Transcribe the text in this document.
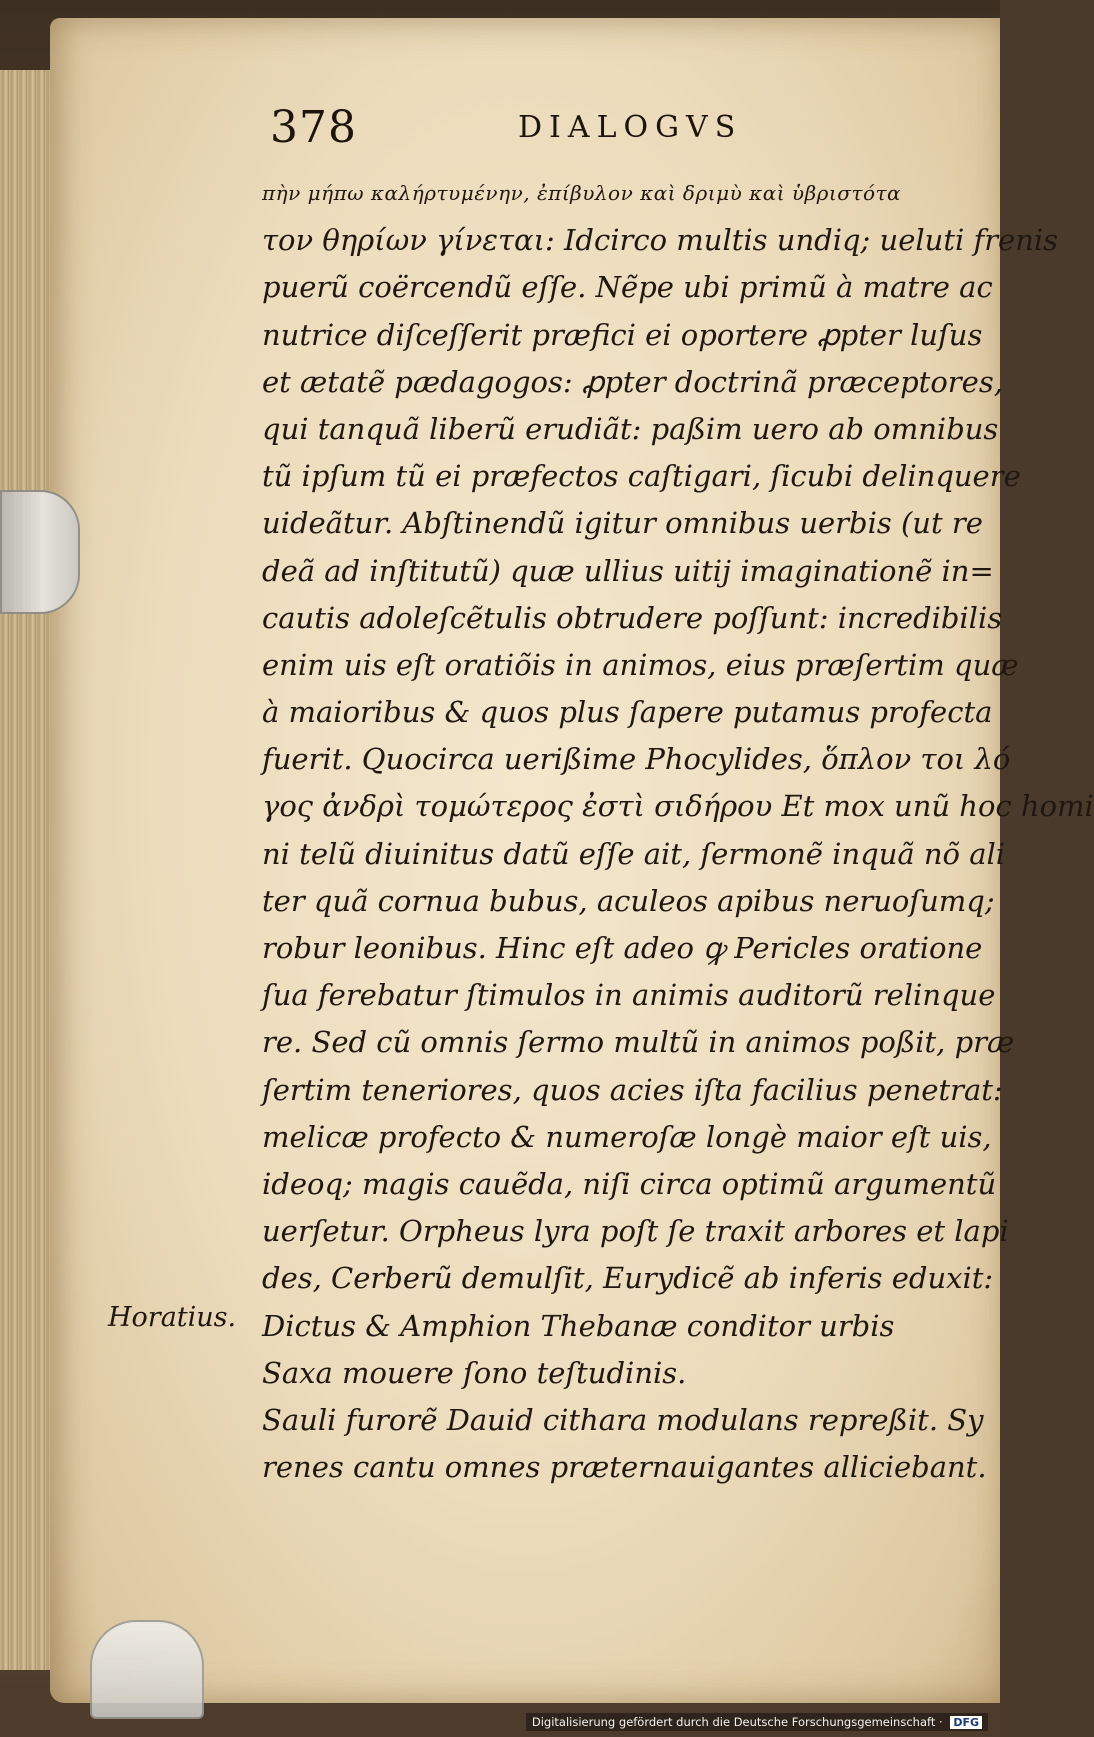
378	DIALOGVS
πὴν μήπω καλήρτυμένην, ἐπίβυλον καὶ δριμὺ καὶ ὑβριστότα
τον θηρίων γίνεται: Idcirco multis undiq; ueluti frenis
puerũ coërcendũ eſſe. Nẽpe ubi primũ à matre ac
nutrice diſceſſerit præfici ei oportere ꝓpter luſus
et ætatẽ pædagogos: ꝓpter doctrinã præceptores,
qui tanquã liberũ erudiãt: paßim uero ab omnibus
tũ ipſum tũ ei præfectos caſtigari, ſicubi delinquere
uideãtur. Abſtinendũ igitur omnibus uerbis (ut re
deã ad inſtitutũ) quæ ullius uitij imaginationẽ in=
cautis adoleſcẽtulis obtrudere poſſunt: incredibilis
enim uis eſt oratiõis in animos, eius præſertim quæ
à maioribus & quos plus ſapere putamus profecta
fuerit. Quocirca uerißime Phocylides, ὅπλον τοι λό
γος ἀνδρὶ τομώτερος ἐστὶ σιδήρου Et mox unũ hoc homi
ni telũ diuinitus datũ eſſe ait, ſermonẽ inquã nõ ali
ter quã cornua bubus, aculeos apibus neruoſumq;
robur leonibus. Hinc eſt adeo ꝙ Pericles oratione
ſua ferebatur ſtimulos in animis auditorũ relinque
re. Sed cũ omnis ſermo multũ in animos poßit, præ
ſertim teneriores, quos acies iſta facilius penetrat:
melicæ profecto & numeroſæ longè maior eſt uis,
ideoq; magis cauẽda, niſi circa optimũ argumentũ
uerſetur. Orpheus lyra poſt ſe traxit arbores et lapi
des, Cerberũ demulſit, Eurydicẽ ab inferis eduxit:
Dictus & Amphion Thebanæ conditor urbis
Saxa mouere ſono teſtudinis.
Sauli furorẽ Dauid cithara modulans repreßit. Sy
renes cantu omnes præternauigantes alliciebant.
Horatius.
Digitalisierung gefördert durch die Deutsche Forschungsgemeinschaft · DFG
